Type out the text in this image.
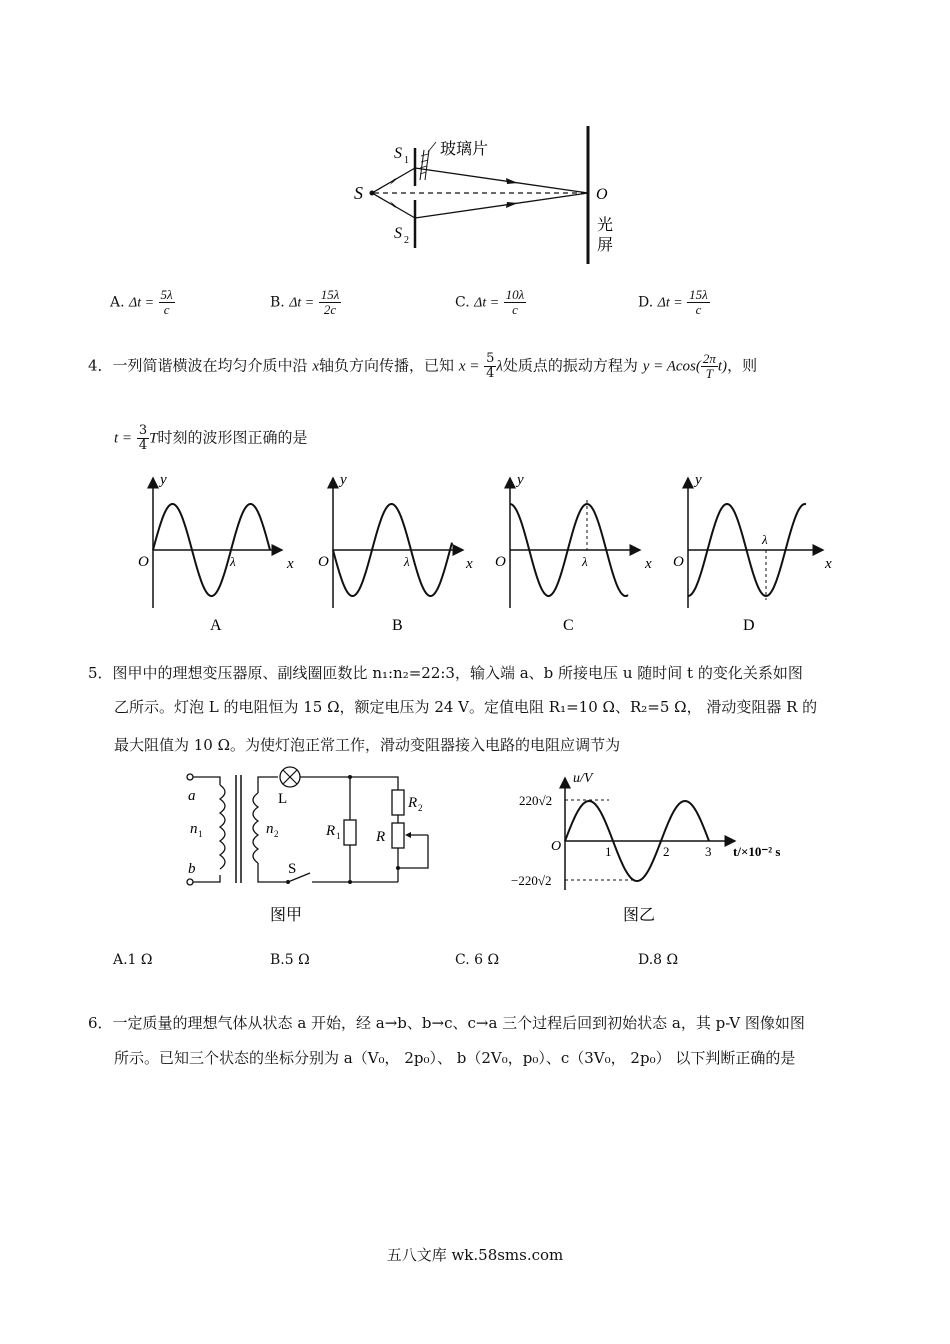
S
S 1
S 2
玻璃片
O
光
屏
A. $\Delta t = \frac{5\lambda}{c}$	B. $\Delta t = \frac{15\lambda}{2c}$	C. $\Delta t = \frac{10\lambda}{c}$	D. $\Delta t = \frac{15\lambda}{c}$
4．一列简谐横波在均匀介质中沿 x轴负方向传播，已知 $x = \frac{5}{4}$ λ处质点的振动方程为 $y = Acos( \frac{2\pi}{T} t)$，则
$t = \frac{3}{4}$ T时刻的波形图正确的是
y
O	λ	x
A
y
O	λ	x
B
y
O	λ	x
C
y
O
λ
x
D
5．图甲中的理想变压器原、副线圈匝数比 n₁:n₂=22:3，输入端 a、b 所接电压 u 随时间 t 的变化关系如图
乙所示。灯泡 L 的电阻恒为 15 Ω，额定电压为 24 V。定值电阻 R₁=10 Ω、R₂=5 Ω， 滑动变阻器 R 的
最大阻值为 10 Ω。为使灯泡正常工作，滑动变阻器接入电路的电阻应调节为
a
b
n 1	n 2
L
S
R 1
R 2
R
图甲
u/V
220√2
−220√2
O	1	2	3 t/×10⁻² s
图乙
A.1 Ω	B.5 Ω	C. 6 Ω	D.8 Ω
6．一定质量的理想气体从状态 a 开始，经 a→b、b→c、c→a 三个过程后回到初始状态 a，其 p-V 图像如图
所示。已知三个状态的坐标分别为 a（V₀， 2p₀）、 b（2V₀，p₀）、c（3V₀， 2p₀） 以下判断正确的是
五八文库 wk.58sms.com
